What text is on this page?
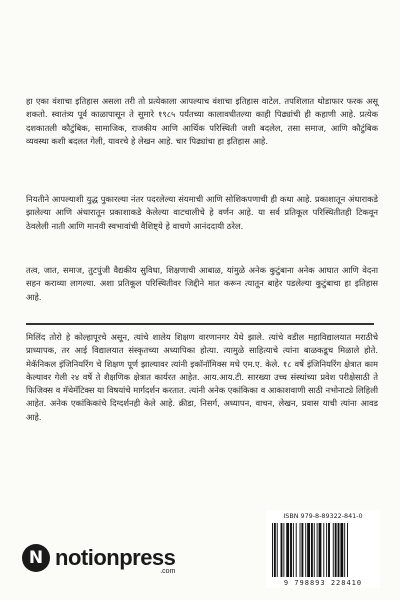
हा एका वंशाचा इतिहास असला तरी तो प्रत्येकाला आपल्याच वंशाचा इतिहास वाटेल. तपशिलात थोडाफार फरक असू शकतो. स्वातंत्र्य पूर्व काळापासून ते सुमारे १९८५ पर्यंतच्या कालावधीतल्या काही पिढ्यांची ही कहाणी आहे. प्रत्येक दशकातली कौटुंबिक, सामाजिक, राजकीय आणि आर्थिक परिस्थिती जशी बदलेल, तसा समाज, आणि कौटुंबिक व्यवस्था कशी बदलत गेली, यावरचे हे लेखन आहे. चार पिढ्यांचा हा इतिहास आहे.

नियतीने आपल्याशी युद्ध पुकारल्या नंतर पदरलेल्या संयमाची आणि सोशिकपणाची ही कथा आहे. प्रकाशातून अंधाराकडे झालेल्या आणि अंधारातून प्रकाशाकडे केलेल्या वाटचालीचे हे वर्णन आहे. या सर्व प्रतिकूल परिस्थितीतही टिकवून ठेवलेली नाती आणि मानवी स्वभावांची वैशिष्ट्ये हे वाचणे आनंददायी ठरेल.

तत्व, जात, समाज, तुटपुंजी वैद्यकीय सुविधा, शिक्षणाची आबाळ, यांमुळे अनेक कुटुंबाना अनेक आघात आणि वेदना सहन कराव्या लागल्या. अशा प्रतिकूल परिस्थितीवर जिद्दीने मात करून त्यातून बाहेर पडलेल्या कुटुंबाचा हा इतिहास आहे.

मिलिंद तोरो हे कोल्हापूरचे असून, त्यांचे शालेय शिक्षण वारणानगर येथे झाले. त्यांचे वडील महाविद्यालयात मराठीचे प्राध्यापक, तर आई विद्यालयात संस्कृतच्या अध्यापिका होत्या. त्यामुळे साहित्याचे त्यांना बाळकडूच मिळाले होते. मेकॅनिकल इंजिनियरिंग चे शिक्षण पूर्ण झाल्यावर त्यांनी इकॉनॉमिक्स मधे एम.ए. केले. १८ वर्षे इंजिनियरिंग क्षेत्रात काम केल्यावर गेली २४ वर्षे ते शैक्षणिक क्षेत्रात कार्यरत आहेत. आय.आय.टी. सारख्या उच्च संस्थांच्या प्रवेश परीक्षेसाठी ते फिजिक्स व मॅथेमॅटिक्स या विषयांचे मार्गदर्शन करतात. त्यांनी अनेक एकांकिका व आकाशवाणी साठी नभोनाट्ये लिहिली आहेत. अनेक एकांकिकांचे दिग्दर्शनही केले आहे. क्रीडा, निसर्ग, अध्यापन, वाचन, लेखन, प्रवास याची त्यांना आवड आहे.

N notionpress
.com
ISBN 979-8-89322-841-0
9 798893 228410
